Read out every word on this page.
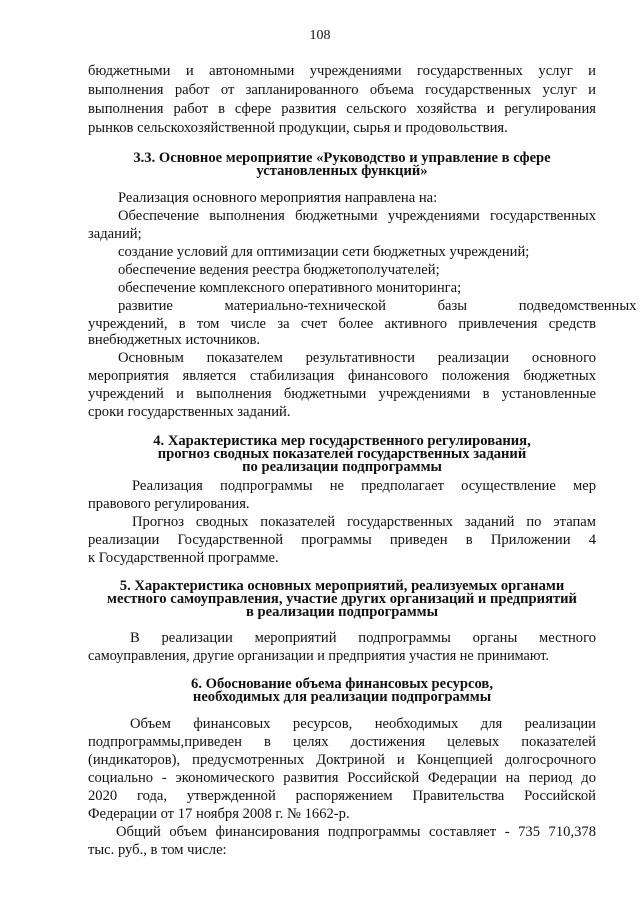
108
бюджетными и автономными учреждениями государственных услуг и
выполнения работ от запланированного объема государственных услуг и
выполнения работ в сфере развития сельского хозяйства и регулирования
рынков сельскохозяйственной продукции, сырья и продовольствия.
3.3. Основное мероприятие «Руководство и управление в сфере
установленных функций»
Реализация основного мероприятия направлена на:
Обеспечение выполнения бюджетными учреждениями государственных
заданий;
создание условий для оптимизации сети бюджетных учреждений;
обеспечение ведения реестра бюджетополучателей;
обеспечение комплексного оперативного мониторинга;
развитие материально-технической базы подведомственных
учреждений, в том числе за счет более активного привлечения средств
внебюджетных источников.
Основным показателем результативности реализации основного
мероприятия является стабилизация финансового положения бюджетных
учреждений и выполнения бюджетными учреждениями в установленные
сроки государственных заданий.
4. Характеристика мер государственного регулирования,
прогноз сводных показателей государственных заданий
по реализации подпрограммы
Реализация подпрограммы не предполагает осуществление мер
правового регулирования.
Прогноз сводных показателей государственных заданий по этапам
реализации Государственной программы приведен в Приложении 4
к Государственной программе.
5. Характеристика основных мероприятий, реализуемых органами
местного самоуправления, участие других организаций и предприятий
в реализации подпрограммы
В реализации мероприятий подпрограммы органы местного
самоуправления, другие организации и предприятия участия не принимают.
6. Обоснование объема финансовых ресурсов,
необходимых для реализации подпрограммы
Объем финансовых ресурсов, необходимых для реализации
подпрограммы,приведен в целях достижения целевых показателей
(индикаторов), предусмотренных Доктриной и Концепцией долгосрочного
социально - экономического развития Российской Федерации на период до
2020 года, утвержденной распоряжением Правительства Российской
Федерации от 17 ноября 2008 г. № 1662-р.
Общий объем финансирования подпрограммы составляет - 735 710,378
тыс. руб., в том числе:
